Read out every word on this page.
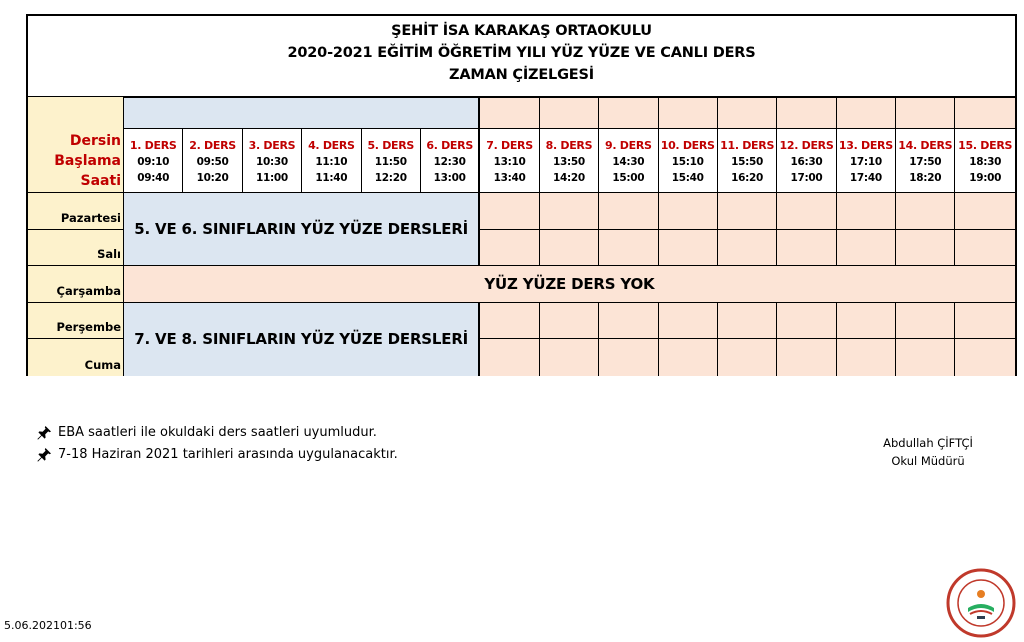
ŞEHİT İSA KARAKAŞ ORTAOKULU
2020-2021 EĞİTİM ÖĞRETİM YILI YÜZ YÜZE VE CANLI DERS
ZAMAN ÇİZELGESİ
Dersin
Başlama
Saati
1. DERS
09:10
09:40
2. DERS
09:50
10:20
3. DERS
10:30
11:00
4. DERS
11:10
11:40
5. DERS
11:50
12:20
6. DERS
12:30
13:00
7. DERS
13:10
13:40
8. DERS
13:50
14:20
9. DERS
14:30
15:00
10. DERS
15:10
15:40
11. DERS
15:50
16:20
12. DERS
16:30
17:00
13. DERS
17:10
17:40
14. DERS
17:50
18:20
15. DERS
18:30
19:00
Pazartesi
Salı
Çarşamba
Perşembe
Cuma
5. VE 6. SINIFLARIN YÜZ YÜZE DERSLERİ
YÜZ YÜZE DERS YOK
7. VE 8. SINIFLARIN YÜZ YÜZE DERSLERİ
EBA saatleri ile okuldaki ders saatleri uyumludur.
7-18 Haziran 2021 tarihleri arasında uygulanacaktır.
Abdullah ÇİFTÇİ
Okul Müdürü
5.06.202101:56
